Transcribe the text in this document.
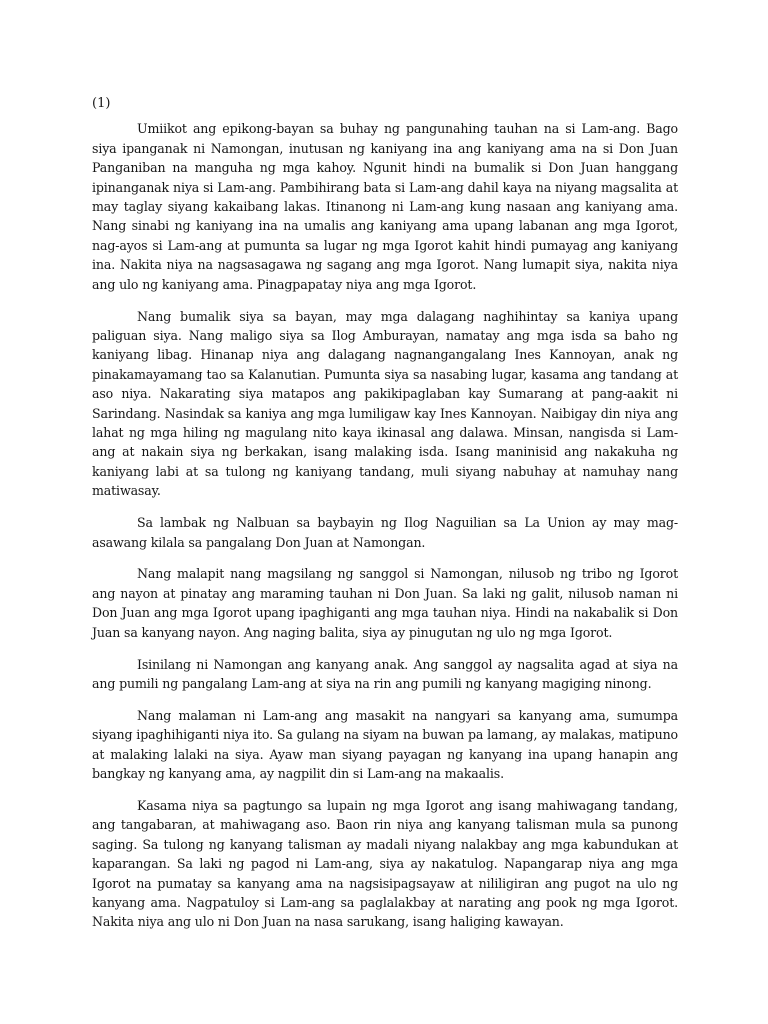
(1)

Umiikot ang epikong-bayan sa buhay ng pangunahing tauhan na si Lam-ang. Bago siya ipanganak ni Namongan, inutusan ng kaniyang ina ang kaniyang ama na si Don Juan Panganiban na manguha ng mga kahoy. Ngunit hindi na bumalik si Don Juan hanggang ipinanganak niya si Lam-ang. Pambihirang bata si Lam-ang dahil kaya na niyang magsalita at may taglay siyang kakaibang lakas. Itinanong ni Lam-ang kung nasaan ang kaniyang ama. Nang sinabi ng kaniyang ina na umalis ang kaniyang ama upang labanan ang mga Igorot, nag-ayos si Lam-ang at pumunta sa lugar ng mga Igorot kahit hindi pumayag ang kaniyang ina. Nakita niya na nagsasagawa ng sagang ang mga Igorot. Nang lumapit siya, nakita niya ang ulo ng kaniyang ama. Pinagpapatay niya ang mga Igorot.

Nang bumalik siya sa bayan, may mga dalagang naghihintay sa kaniya upang paliguan siya. Nang maligo siya sa Ilog Amburayan, namatay ang mga isda sa baho ng kaniyang libag. Hinanap niya ang dalagang nagnangangalang Ines Kannoyan, anak ng pinakamayamang tao sa Kalanutian. Pumunta siya sa nasabing lugar, kasama ang tandang at aso niya. Nakarating siya matapos ang pakikipaglaban kay Sumarang at pang-aakit ni Sarindang. Nasindak sa kaniya ang mga lumiligaw kay Ines Kannoyan. Naibigay din niya ang lahat ng mga hiling ng magulang nito kaya ikinasal ang dalawa. Minsan, nangisda si Lam-ang at nakain siya ng berkakan, isang malaking isda. Isang maninisid ang nakakuha ng kaniyang labi at sa tulong ng kaniyang tandang, muli siyang nabuhay at namuhay nang matiwasay.

Sa lambak ng Nalbuan sa baybayin ng Ilog Naguilian sa La Union ay may mag-asawang kilala sa pangalang Don Juan at Namongan.

Nang malapit nang magsilang ng sanggol si Namongan, nilusob ng tribo ng Igorot ang nayon at pinatay ang maraming tauhan ni Don Juan. Sa laki ng galit, nilusob naman ni Don Juan ang mga Igorot upang ipaghiganti ang mga tauhan niya. Hindi na nakabalik si Don Juan sa kanyang nayon. Ang naging balita, siya ay pinugutan ng ulo ng mga Igorot.

Isinilang ni Namongan ang kanyang anak. Ang sanggol ay nagsalita agad at siya na ang pumili ng pangalang Lam-ang at siya na rin ang pumili ng kanyang magiging ninong.

Nang malaman ni Lam-ang ang masakit na nangyari sa kanyang ama, sumumpa siyang ipaghihiganti niya ito. Sa gulang na siyam na buwan pa lamang, ay malakas, matipuno at malaking lalaki na siya. Ayaw man siyang payagan ng kanyang ina upang hanapin ang bangkay ng kanyang ama, ay nagpilit din si Lam-ang na makaalis.

Kasama niya sa pagtungo sa lupain ng mga Igorot ang isang mahiwagang tandang, ang tangabaran, at mahiwagang aso. Baon rin niya ang kanyang talisman mula sa punong saging. Sa tulong ng kanyang talisman ay madali niyang nalakbay ang mga kabundukan at kaparangan. Sa laki ng pagod ni Lam-ang, siya ay nakatulog. Napangarap niya ang mga Igorot na pumatay sa kanyang ama na nagsisipagsayaw at nililigiran ang pugot na ulo ng kanyang ama. Nagpatuloy si Lam-ang sa paglalakbay at narating ang pook ng mga Igorot. Nakita niya ang ulo ni Don Juan na nasa sarukang, isang haliging kawayan.
